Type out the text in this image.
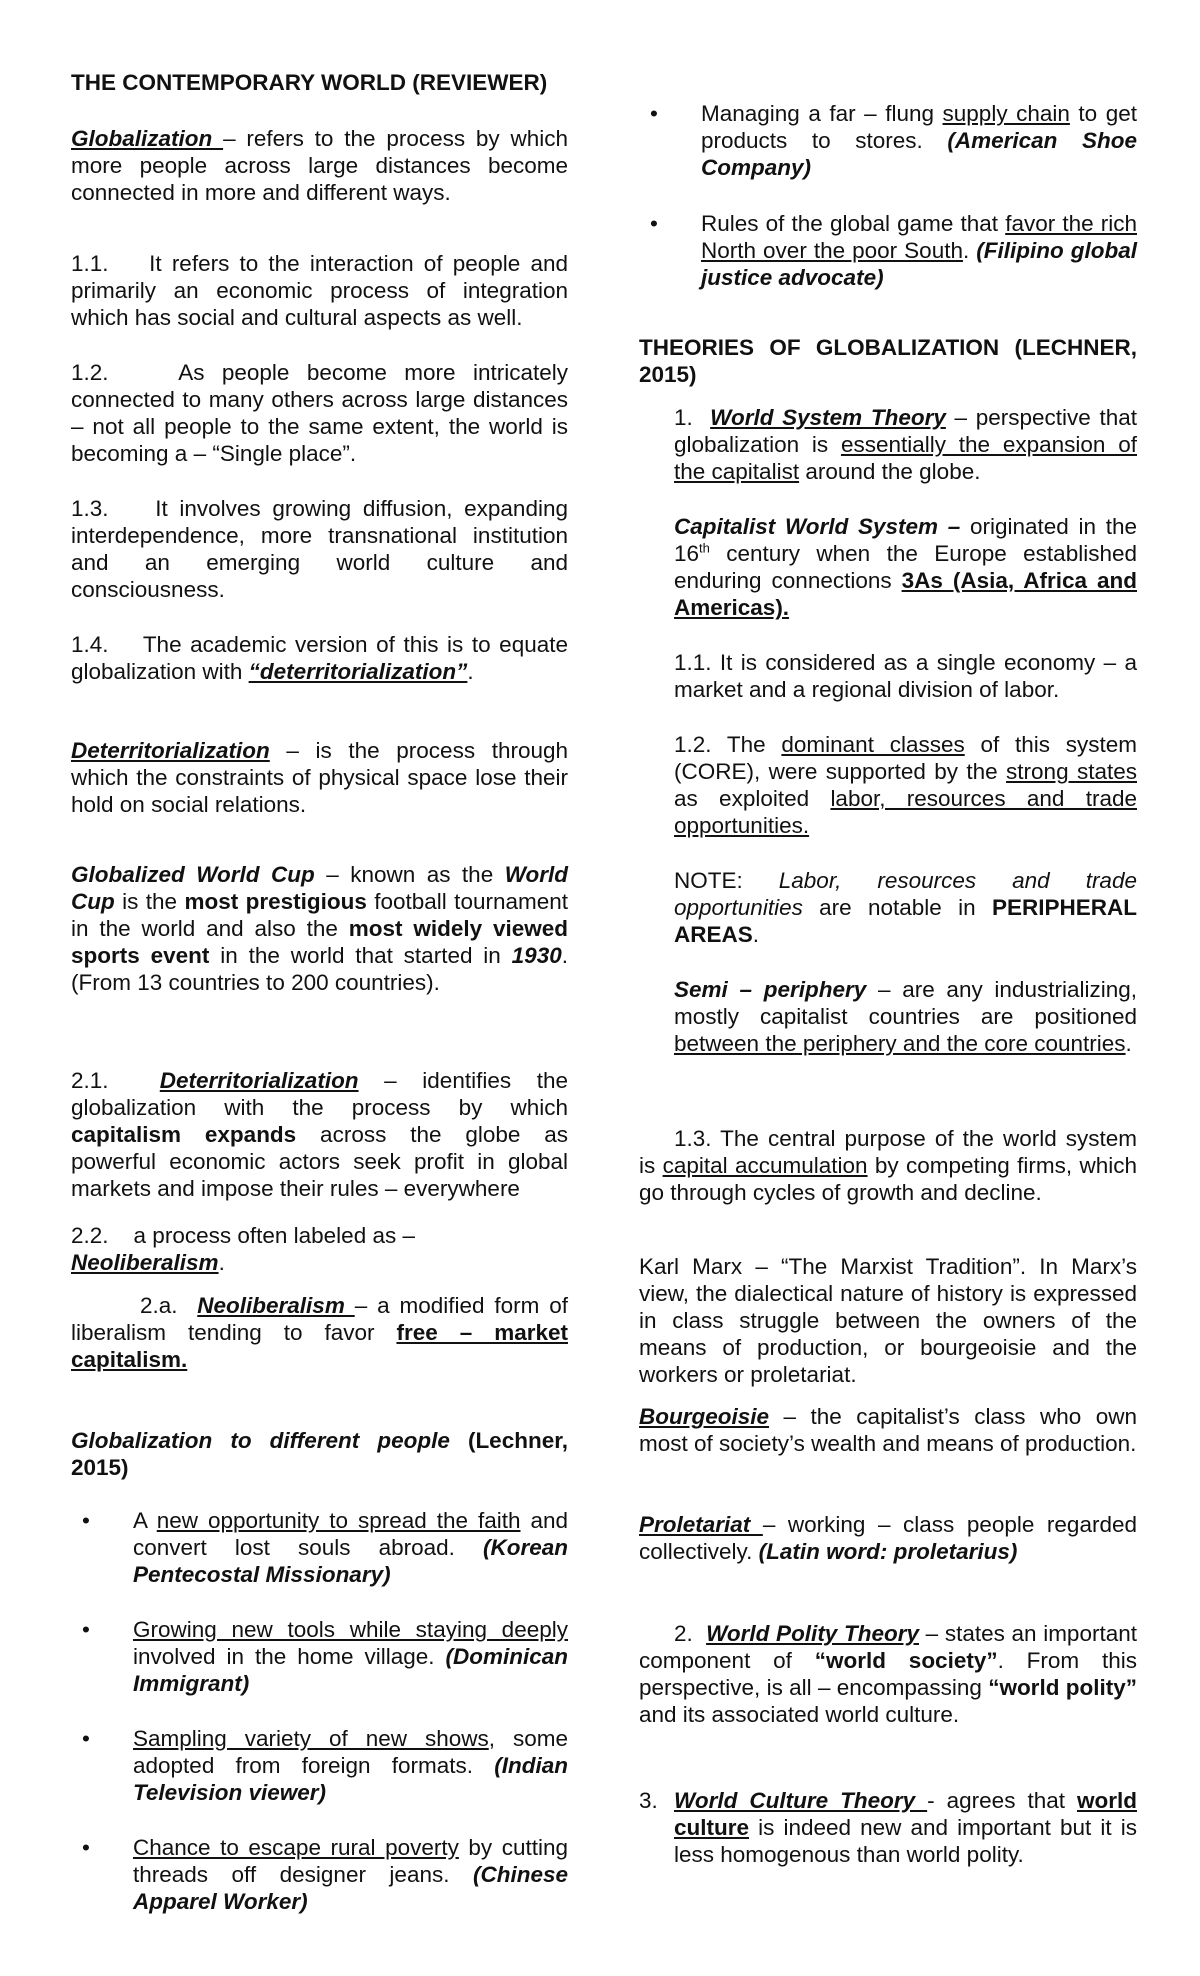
THE CONTEMPORARY WORLD (REVIEWER)

Globalization – refers to the process by which more people across large distances become connected in more and different ways.

1.1. It refers to the interaction of people and primarily an economic process of integration which has social and cultural aspects as well.

1.2.	As people become more intricately connected to many others across large distances – not all people to the same extent, the world is becoming a – “Single place”.

1.3. It involves growing diffusion, expanding interdependence, more transnational institution and an emerging world culture and consciousness.

1.4. The academic version of this is to equate globalization with “deterritorialization”.

Deterritorialization – is the process through which the constraints of physical space lose their hold on social relations.

Globalized World Cup – known as the World Cup is the most prestigious football tournament in the world and also the most widely viewed sports event in the world that started in 1930. (From 13 countries to 200 countries).

2.1. Deterritorialization – identifies the globalization with the process by which capitalism expands across the globe as powerful economic actors seek profit in global markets and impose their rules – everywhere

2.2. a process often labeled as –
Neoliberalism.

2.a. Neoliberalism – a modified form of liberalism tending to favor free – market capitalism.

Globalization to different people (Lechner, 2015)

•	A new opportunity to spread the faith and convert lost souls abroad. (Korean Pentecostal Missionary)
•	Growing new tools while staying deeply involved in the home village. (Dominican Immigrant)
•	Sampling variety of new shows, some adopted from foreign formats. (Indian Television viewer)
•	Chance to escape rural poverty by cutting threads off designer jeans. (Chinese Apparel Worker)
•	Managing a far – flung supply chain to get products to stores. (American Shoe Company)
•	Rules of the global game that favor the rich North over the poor South. (Filipino global justice advocate)

THEORIES OF GLOBALIZATION (LECHNER, 2015)

1. World System Theory – perspective that globalization is essentially the expansion of the capitalist around the globe.

Capitalist World System – originated in the 16th century when the Europe established enduring connections 3As (Asia, Africa and Americas).

1.1. It is considered as a single economy – a market and a regional division of labor.

1.2. The dominant classes of this system (CORE), were supported by the strong states as exploited labor, resources and trade opportunities.

NOTE: Labor, resources and trade opportunities are notable in PERIPHERAL AREAS.

Semi – periphery – are any industrializing, mostly capitalist countries are positioned between the periphery and the core countries.

1.3. The central purpose of the world system is capital accumulation by competing firms, which go through cycles of growth and decline.

Karl Marx – “The Marxist Tradition”. In Marx’s view, the dialectical nature of history is expressed in class struggle between the owners of the means of production, or bourgeoisie and the workers or proletariat.

Bourgeoisie – the capitalist’s class who own most of society’s wealth and means of production.

Proletariat – working – class people regarded collectively. (Latin word: proletarius)

2. World Polity Theory – states an important component of “world society”. From this perspective, is all – encompassing “world polity” and its associated world culture.

3. World Culture Theory - agrees that world culture is indeed new and important but it is less homogenous than world polity.
